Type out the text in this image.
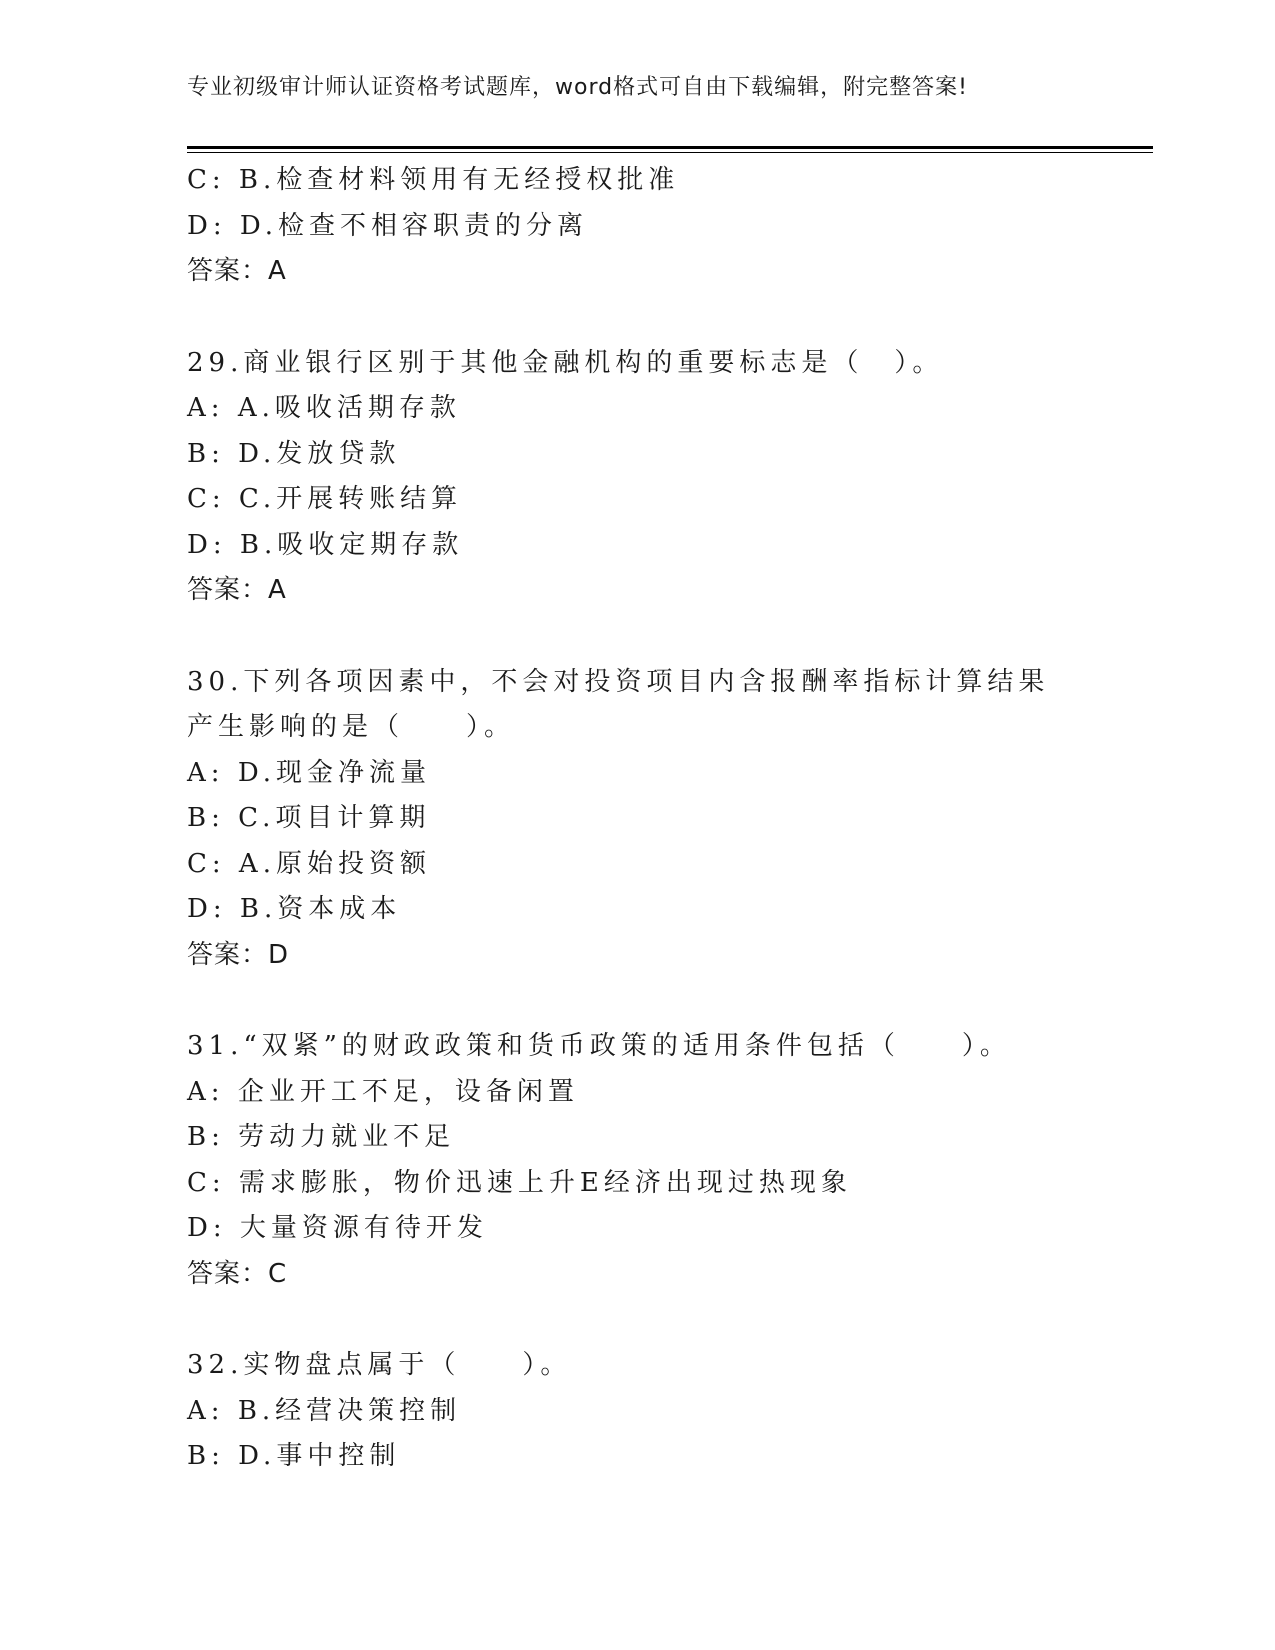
专业初级审计师认证资格考试题库，word格式可自由下载编辑，附完整答案!
C: B.检查材料领用有无经授权批准
D: D.检查不相容职责的分离
答案：A
29.商业银行区别于其他金融机构的重要标志是（　）。
A: A.吸收活期存款
B: D.发放贷款
C: C.开展转账结算
D: B.吸收定期存款
答案：A
30.下列各项因素中，不会对投资项目内含报酬率指标计算结果产生影响的是（　　）。
A: D.现金净流量
B: C.项目计算期
C: A.原始投资额
D: B.资本成本
答案：D
31.“双紧”的财政政策和货币政策的适用条件包括（　　）。
A: 企业开工不足，设备闲置
B: 劳动力就业不足
C: 需求膨胀，物价迅速上升E经济出现过热现象
D: 大量资源有待开发
答案：C
32.实物盘点属于（　　）。
A: B.经营决策控制
B: D.事中控制
